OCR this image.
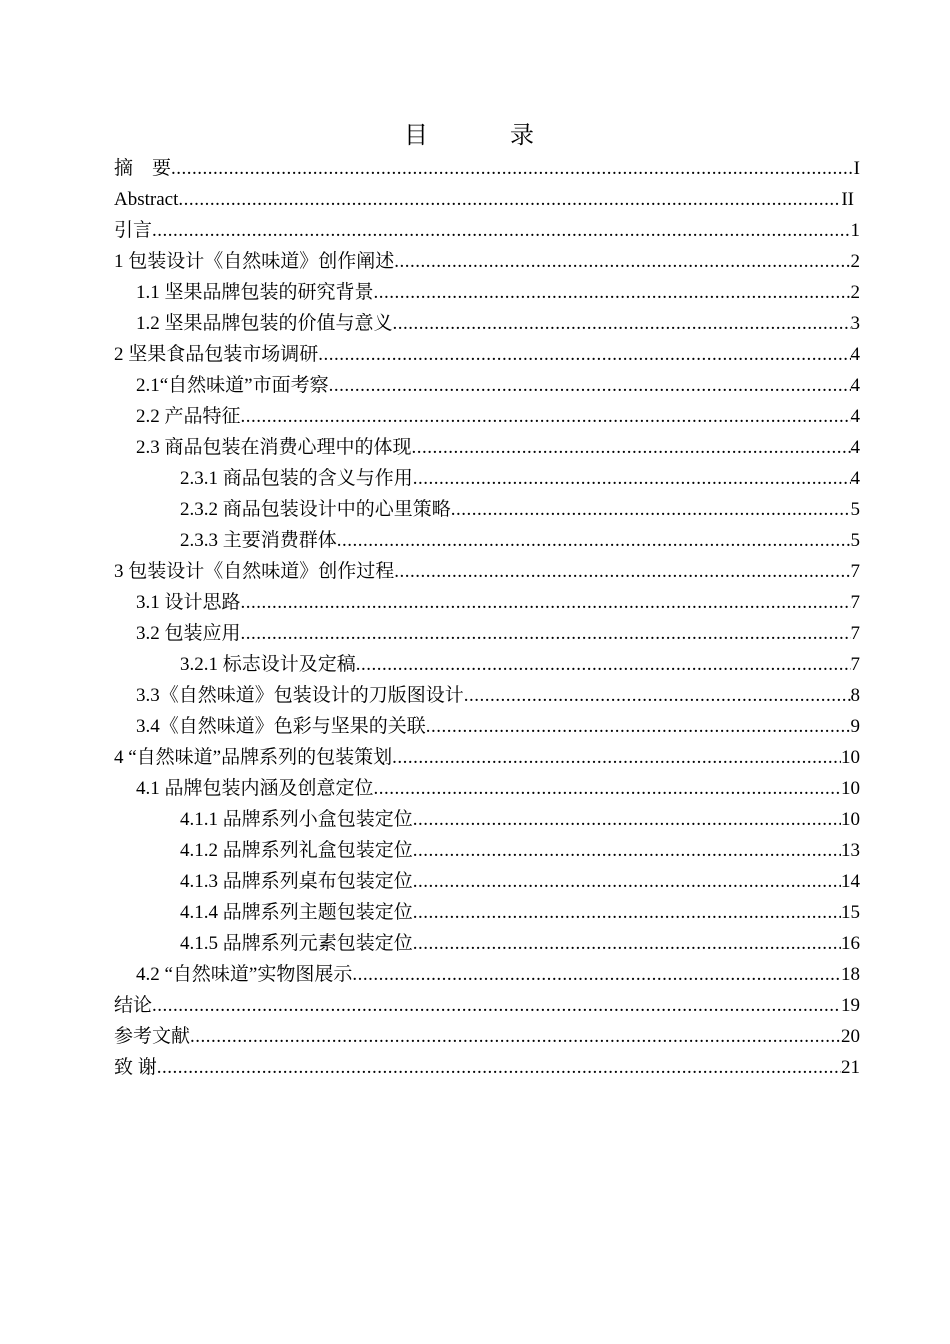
目 录
摘　要 .....	I
Abstract .....	II
引言 .....	1
1 包装设计《自然味道》创作阐述 .....	2
1.1 坚果品牌包装的研究背景 .....	2
1.2 坚果品牌包装的价值与意义 .....	3
2 坚果食品包装市场调研 .....	4
2.1“自然味道”市面考察 .....	4
2.2 产品特征 .....	4
2.3 商品包装在消费心理中的体现 .....	4
2.3.1 商品包装的含义与作用 .....	4
2.3.2 商品包装设计中的心里策略 .....	5
2.3.3 主要消费群体 .....	5
3 包装设计《自然味道》创作过程 .....	7
3.1 设计思路 .....	7
3.2 包装应用 .....	7
3.2.1 标志设计及定稿 .....	7
3.3《自然味道》包装设计的刀版图设计 .....	8
3.4《自然味道》色彩与坚果的关联 .....	9
4 “自然味道”品牌系列的包装策划 .....	10
4.1 品牌包装内涵及创意定位 .....	10
4.1.1 品牌系列小盒包装定位 .....	10
4.1.2 品牌系列礼盒包装定位 .....	13
4.1.3 品牌系列桌布包装定位 .....	14
4.1.4 品牌系列主题包装定位 .....	15
4.1.5 品牌系列元素包装定位 .....	16
4.2 “自然味道”实物图展示 .....	18
结论 .....	19
参考文献 .....	20
致 谢 .....	21
